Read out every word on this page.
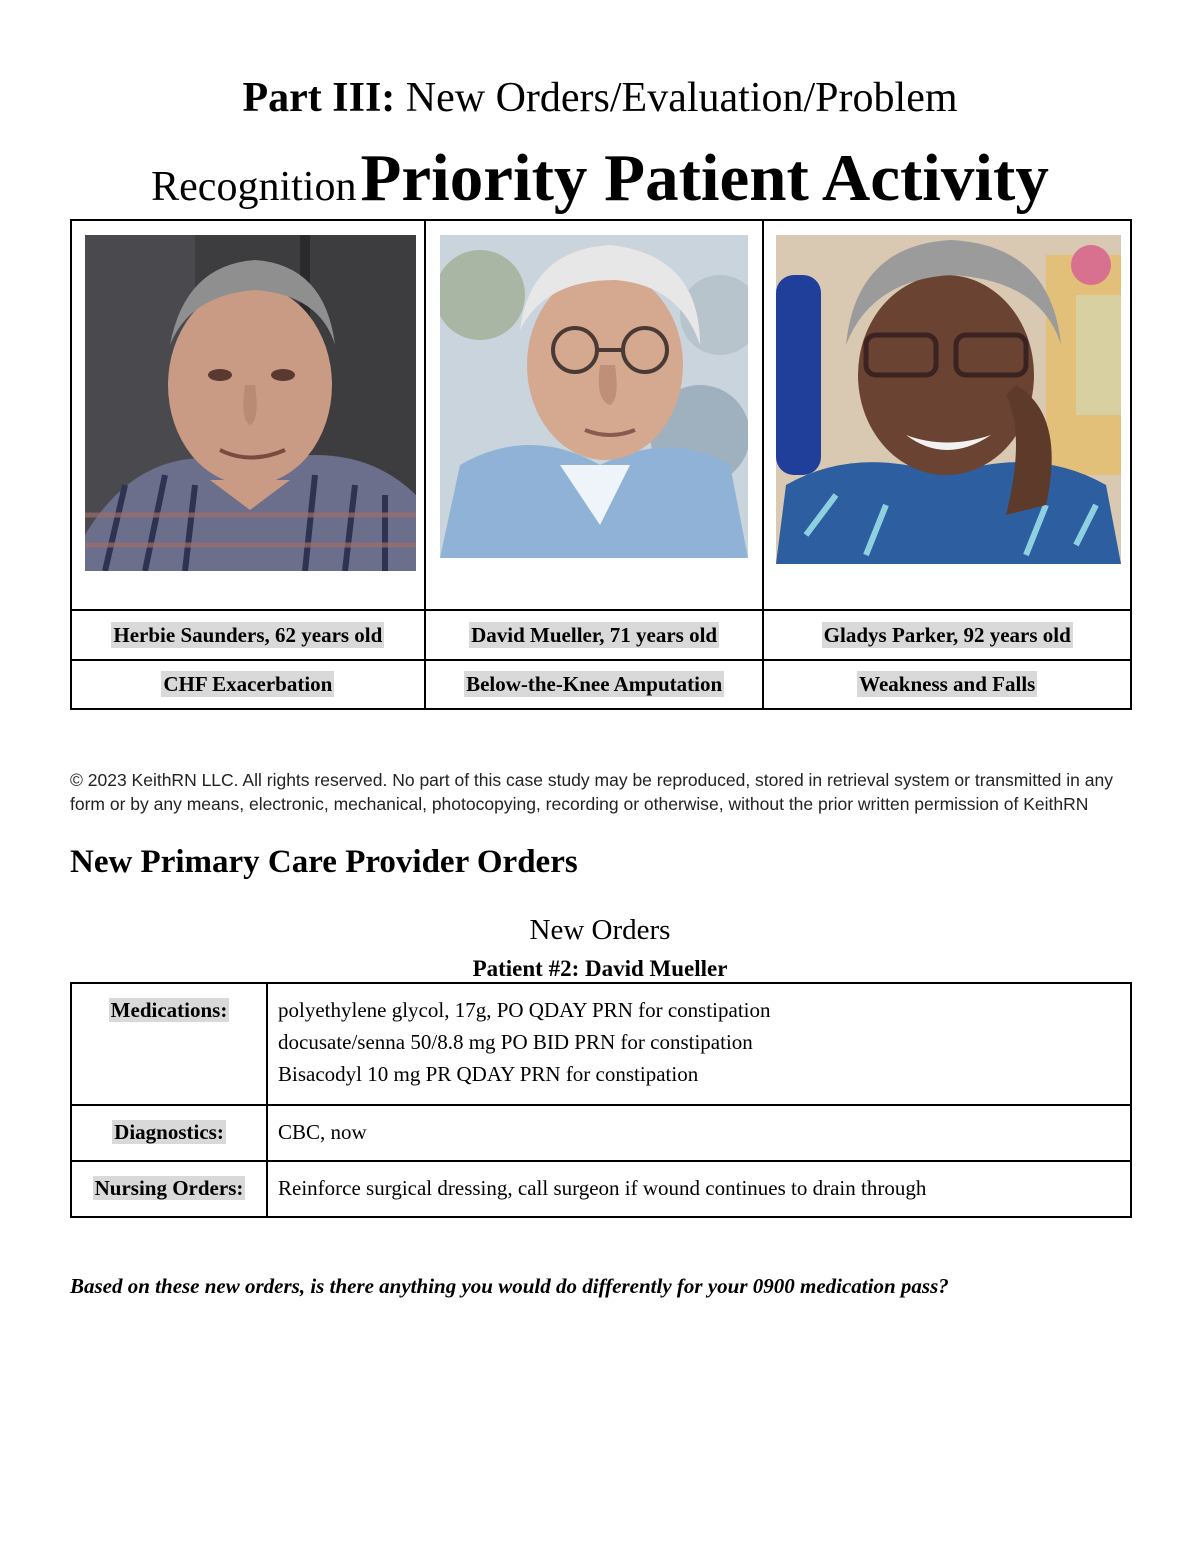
Part III: New Orders/Evaluation/Problem
Recognition Priority Patient Activity

Herbie Saunders, 62 years old	David Mueller, 71 years old	Gladys Parker, 92 years old
CHF Exacerbation	Below-the-Knee Amputation	Weakness and Falls
© 2023 KeithRN LLC. All rights reserved. No part of this case study may be reproduced, stored in retrieval system or transmitted in any form or by any means, electronic, mechanical, photocopying, recording or otherwise, without the prior written permission of KeithRN
New Primary Care Provider Orders
New Orders
Patient #2: David Mueller
Medications:	polyethylene glycol, 17g, PO QDAY PRN for constipation
docusate/senna 50/8.8 mg PO BID PRN for constipation
Bisacodyl 10 mg PR QDAY PRN for constipation

Diagnostics:	CBC, now

Nursing Orders:	Reinforce surgical dressing, call surgeon if wound continues to drain through
Based on these new orders, is there anything you would do differently for your 0900 medication pass?
